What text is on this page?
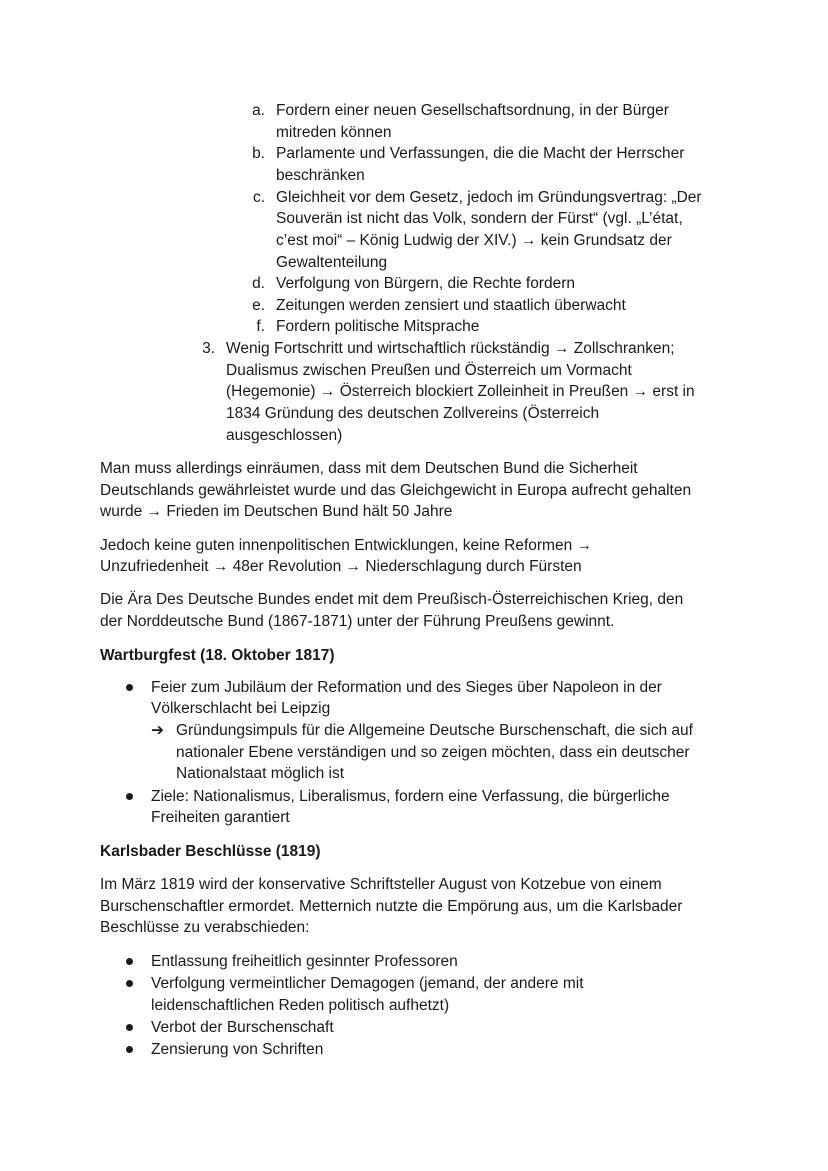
a. Fordern einer neuen Gesellschaftsordnung, in der Bürger
mitreden können
b. Parlamente und Verfassungen, die die Macht der Herrscher
beschränken
c. Gleichheit vor dem Gesetz, jedoch im Gründungsvertrag: „Der
Souverän ist nicht das Volk, sondern der Fürst“ (vgl. „L’état,
c’est moi“ – König Ludwig der XIV.) → kein Grundsatz der
Gewaltenteilung
d. Verfolgung von Bürgern, die Rechte fordern
e. Zeitungen werden zensiert und staatlich überwacht
f. Fordern politische Mitsprache
3. Wenig Fortschritt und wirtschaftlich rückständig → Zollschranken;
Dualismus zwischen Preußen und Österreich um Vormacht
(Hegemonie) → Österreich blockiert Zolleinheit in Preußen → erst in
1834 Gründung des deutschen Zollvereins (Österreich
ausgeschlossen)
Man muss allerdings einräumen, dass mit dem Deutschen Bund die Sicherheit
Deutschlands gewährleistet wurde und das Gleichgewicht in Europa aufrecht gehalten
wurde → Frieden im Deutschen Bund hält 50 Jahre
Jedoch keine guten innenpolitischen Entwicklungen, keine Reformen →
Unzufriedenheit → 48er Revolution → Niederschlagung durch Fürsten
Die Ära Des Deutsche Bundes endet mit dem Preußisch-Österreichischen Krieg, den
der Norddeutsche Bund (1867-1871) unter der Führung Preußens gewinnt.
Wartburgfest (18. Oktober 1817)
Feier zum Jubiläum der Reformation und des Sieges über Napoleon in der
Völkerschlacht bei Leipzig
➔ Gründungsimpuls für die Allgemeine Deutsche Burschenschaft, die sich auf
nationaler Ebene verständigen und so zeigen möchten, dass ein deutscher
Nationalstaat möglich ist
Ziele: Nationalismus, Liberalismus, fordern eine Verfassung, die bürgerliche
Freiheiten garantiert
Karlsbader Beschlüsse (1819)
Im März 1819 wird der konservative Schriftsteller August von Kotzebue von einem
Burschenschaftler ermordet. Metternich nutzte die Empörung aus, um die Karlsbader
Beschlüsse zu verabschieden:
Entlassung freiheitlich gesinnter Professoren
Verfolgung vermeintlicher Demagogen (jemand, der andere mit
leidenschaftlichen Reden politisch aufhetzt)
Verbot der Burschenschaft
Zensierung von Schriften
